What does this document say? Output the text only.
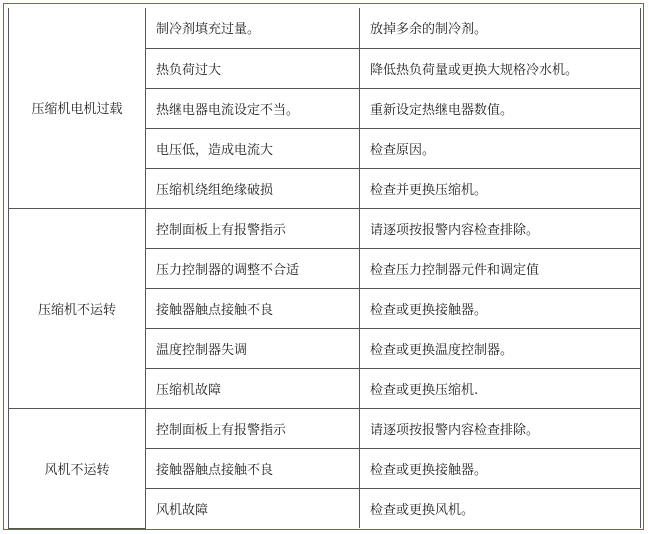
压缩机电机过载	制冷剂填充过量。	放掉多余的制冷剂。
	热负荷过大	降低热负荷量或更换大规格冷水机。
	热继电器电流设定不当。	重新设定热继电器数值。
	电压低，造成电流大	检查原因。
	压缩机绕组绝缘破损	检查并更换压缩机。
压缩机不运转	控制面板上有报警指示	请逐项按报警内容检查排除。
	压力控制器的调整不合适	检查压力控制器元件和调定值
	接触器触点接触不良	检查或更换接触器。
	温度控制器失调	检查或更换温度控制器。
	压缩机故障	检查或更换压缩机.
风机不运转	控制面板上有报警指示	请逐项按报警内容检查排除。
	接触器触点接触不良	检查或更换接触器。
	风机故障	检查或更换风机。
